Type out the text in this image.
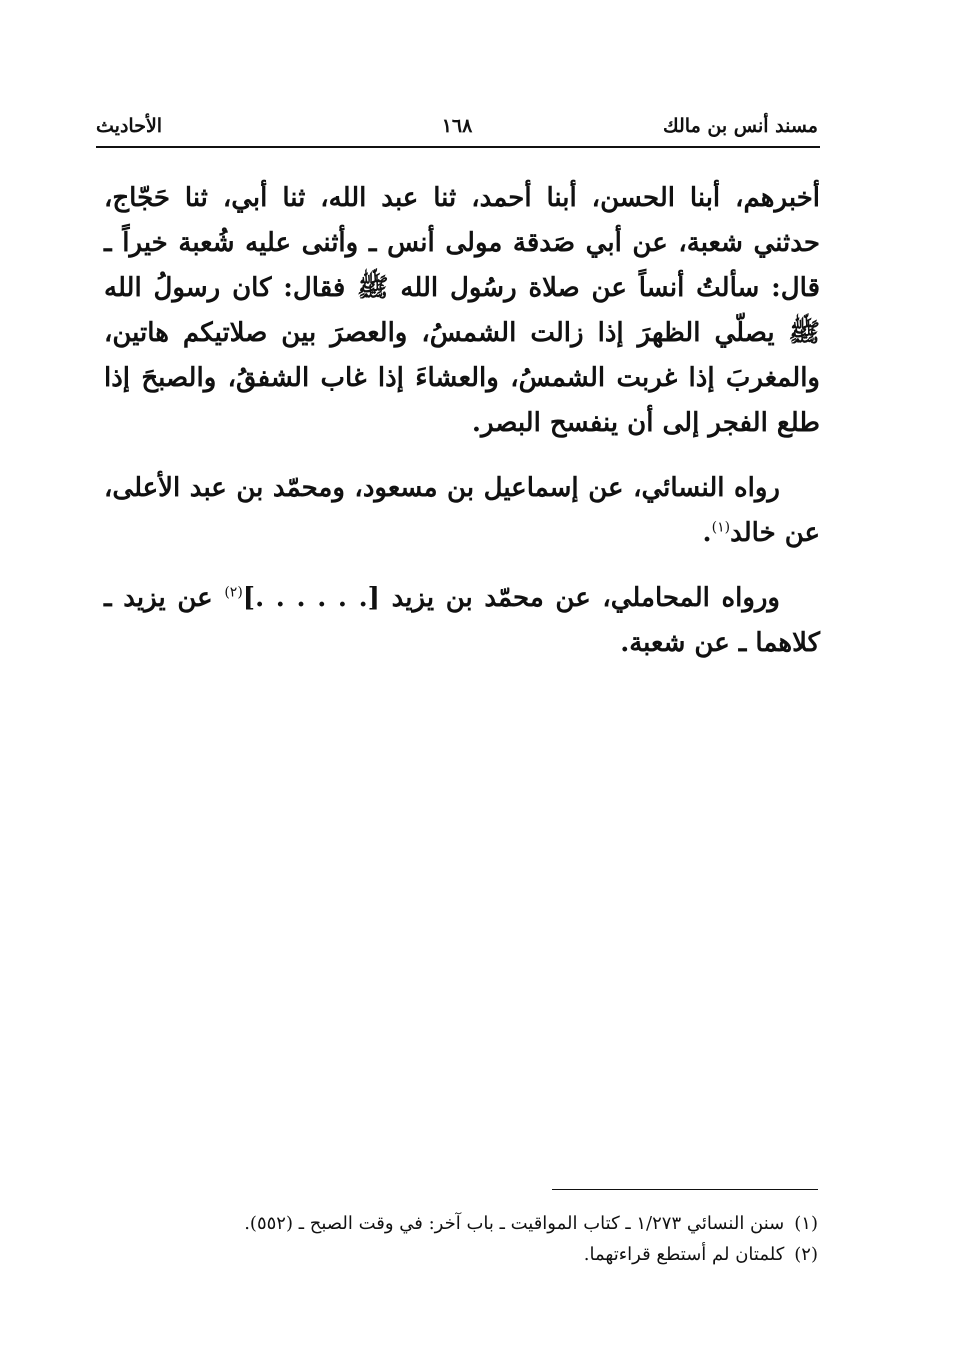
مسند أنس بن مالك
١٦٨
الأحاديث

أخبرهم، أبنا الحسن، أبنا أحمد، ثنا عبد الله، ثنا أبي، ثنا حَجّاج، حدثني شعبة، عن أبي صَدقة مولى أنس ـ وأثنى عليه شُعبة خيراً ـ قال: سألتُ أنساً عن صلاة رسُول الله ﷺ فقال: كان رسولُ الله ﷺ يصلّي الظهرَ إذا زالت الشمسُ، والعصرَ بين صلاتيكم هاتين، والمغربَ إذا غربت الشمسُ، والعشاءَ إذا غاب الشفقُ، والصبحَ إذا طلع الفجر إلى أن ينفسح البصر.

رواه النسائي، عن إسماعيل بن مسعود، ومحمّد بن عبد الأعلى، عن خالد$^{(١)}$.

ورواه المحاملي، عن محمّد بن يزيد [. . . . . .]$^{(٢)}$ عن يزيد ـ كلاهما ـ عن شعبة.

(١)سنن النسائي ١/٢٧٣ ـ كتاب المواقيت ـ باب آخر: في وقت الصبح ـ (٥٥٢).

(٢)كلمتان لم أستطع قراءتهما.
